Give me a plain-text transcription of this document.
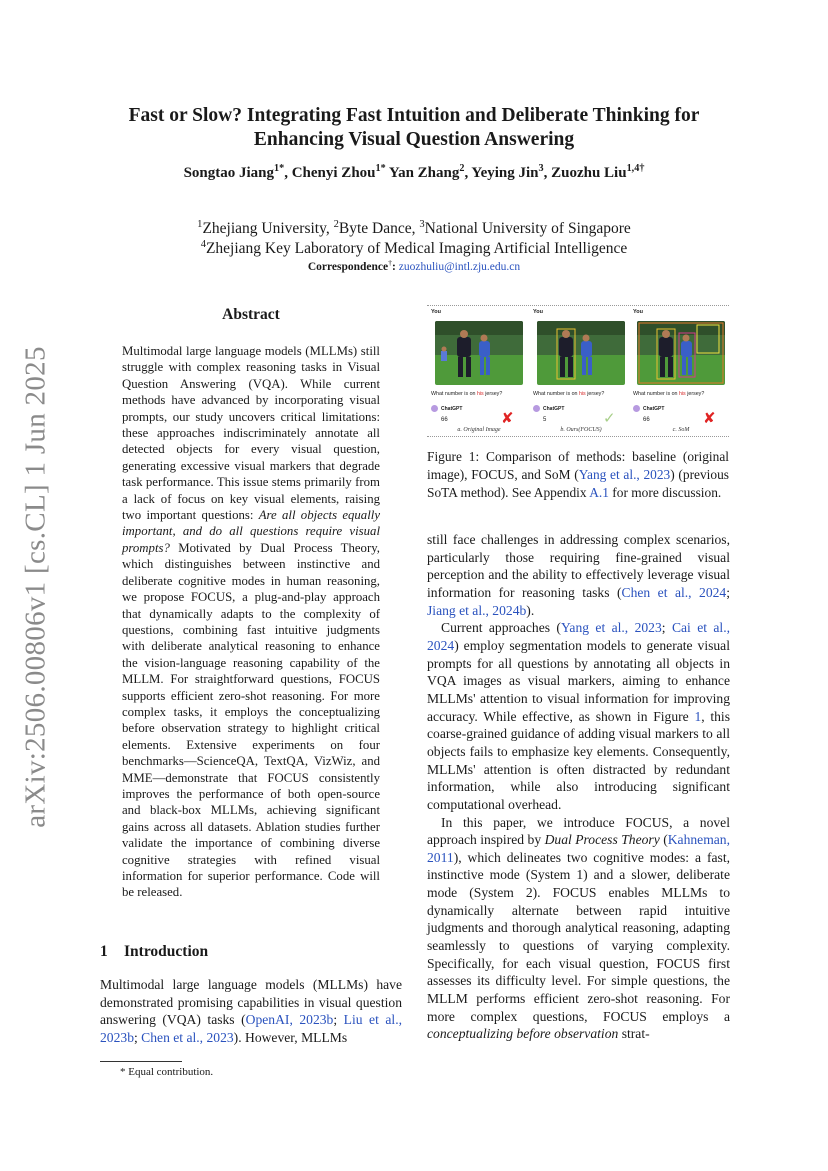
arXiv:2506.00806v1 [cs.CL] 1 Jun 2025
Fast or Slow? Integrating Fast Intuition and Deliberate Thinking for
Enhancing Visual Question Answering
Songtao Jiang$^{1*}$, Chenyi Zhou$^{1*}$ Yan Zhang$^2$, Yeying Jin$^3$, Zuozhu Liu$^{1,4\dagger}$
$^1$Zhejiang University, $^2$Byte Dance, $^3$National University of Singapore
$^4$Zhejiang Key Laboratory of Medical Imaging Artificial Intelligence
Correspondence†: zuozhuliu@intl.zju.edu.cn
Abstract
Multimodal large language models (MLLMs) still struggle with complex reasoning tasks in Visual Question Answering (VQA). While current methods have advanced by incorporating visual prompts, our study uncovers critical limitations: these approaches indiscriminately annotate all detected objects for every visual question, generating excessive visual markers that degrade task performance. This issue stems primarily from a lack of focus on key visual elements, raising two important questions: Are all objects equally important, and do all questions require visual prompts? Motivated by Dual Process Theory, which distinguishes between instinctive and deliberate cognitive modes in human reasoning, we propose FOCUS, a plug-and-play approach that dynamically adapts to the complexity of questions, combining fast intuitive judgments with deliberate analytical reasoning to enhance the vision-language reasoning capability of the MLLM. For straightforward questions, FOCUS supports efficient zero-shot reasoning. For more complex tasks, it employs the conceptualizing before observation strategy to highlight critical elements. Extensive experiments on four benchmarks—ScienceQA, TextQA, VizWiz, and MME—demonstrate that FOCUS consistently improves the performance of both open-source and black-box MLLMs, achieving significant gains across all datasets. Ablation studies further validate the importance of combining diverse cognitive strategies with refined visual information for superior performance. Code will be released.
1 Introduction
Multimodal large language models (MLLMs) have demonstrated promising capabilities in visual question answering (VQA) tasks (OpenAI, 2023b; Liu et al., 2023b; Chen et al., 2023). However, MLLMs
* Equal contribution.
You
What number is on his jersey?
ChatGPT
66	✘
a. Original Image
You
What number is on his jersey?
ChatGPT
5	✓
b. Ours(FOCUS)
You
What number is on his jersey?
ChatGPT
66	✘
c. SoM
Figure 1: Comparison of methods: baseline (original image), FOCUS, and SoM (Yang et al., 2023) (previous SoTA method). See Appendix A.1 for more discussion.

still face challenges in addressing complex scenarios, particularly those requiring fine-grained visual perception and the ability to effectively leverage visual information for reasoning tasks (Chen et al., 2024; Jiang et al., 2024b).

Current approaches (Yang et al., 2023; Cai et al., 2024) employ segmentation models to generate visual prompts for all questions by annotating all objects in VQA images as visual markers, aiming to enhance MLLMs' attention to visual information for improving accuracy. While effective, as shown in Figure 1, this coarse-grained guidance of adding visual markers to all objects fails to emphasize key elements. Consequently, MLLMs' attention is often distracted by redundant information, while also introducing significant computational overhead.

In this paper, we introduce FOCUS, a novel approach inspired by Dual Process Theory (Kahneman, 2011), which delineates two cognitive modes: a fast, instinctive mode (System 1) and a slower, deliberate mode (System 2). FOCUS enables MLLMs to dynamically alternate between rapid intuitive judgments and thorough analytical reasoning, adapting seamlessly to questions of varying complexity. Specifically, for each visual question, FOCUS first assesses its difficulty level. For simple questions, the MLLM performs efficient zero-shot reasoning. For more complex questions, FOCUS employs a conceptualizing before observation strat-
